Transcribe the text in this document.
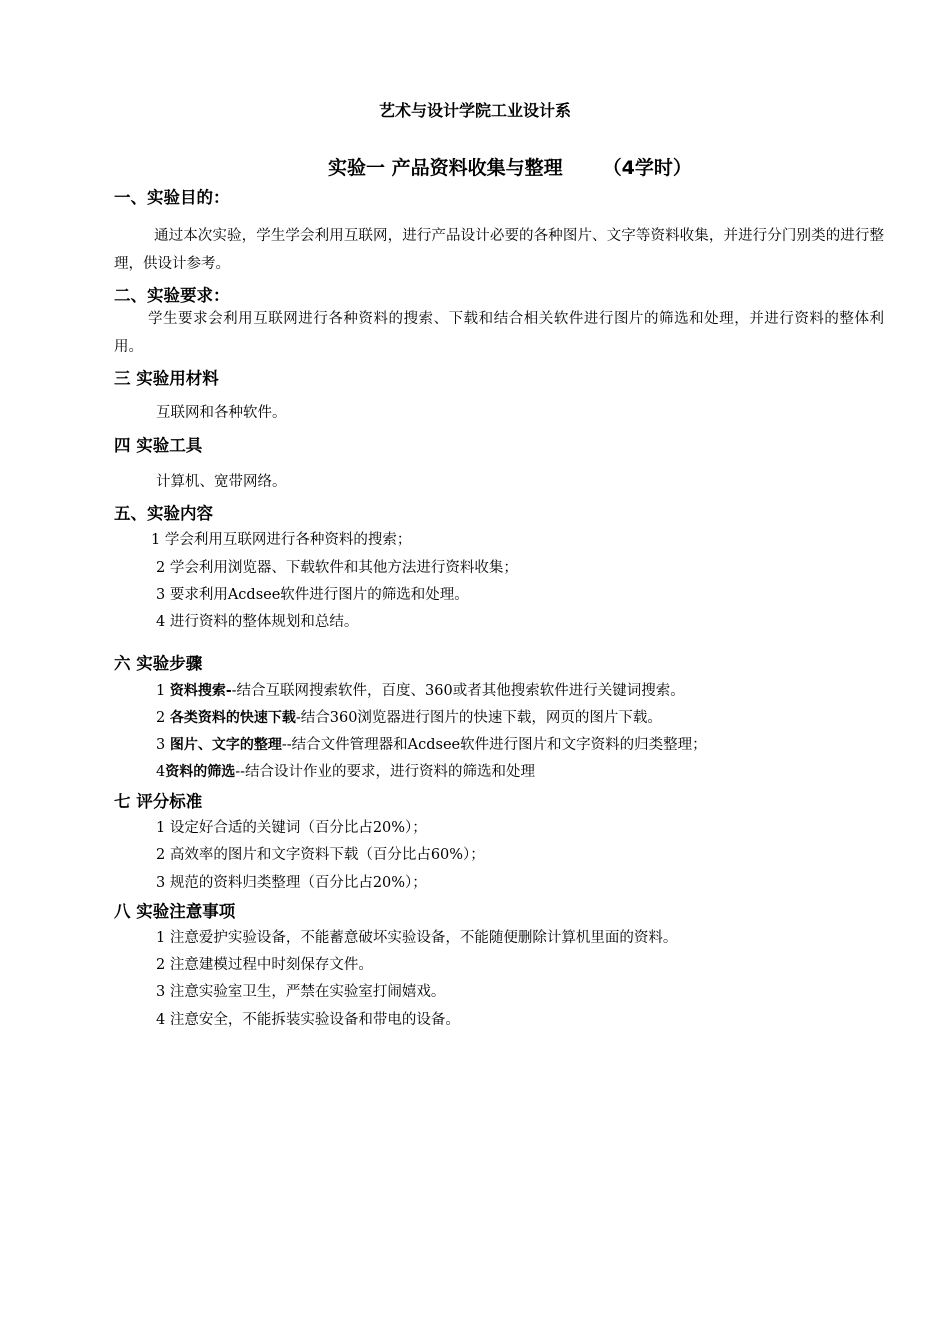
艺术与设计学院工业设计系
实验一 产品资料收集与整理 （4学时）
一、实验目的：
通过本次实验，学生学会利用互联网，进行产品设计必要的各种图片、文字等资料收集，并进行分门别类的进行整理，供设计参考。
二、实验要求：
学生要求会利用互联网进行各种资料的搜索、下载和结合相关软件进行图片的筛选和处理，并进行资料的整体利用。
三 实验用材料
互联网和各种软件。
四 实验工具
计算机、宽带网络。
五、实验内容
1 学会利用互联网进行各种资料的搜索；
2 学会利用浏览器、下载软件和其他方法进行资料收集；
3 要求利用Acdsee软件进行图片的筛选和处理。
4 进行资料的整体规划和总结。
六 实验步骤
1 资料搜索--结合互联网搜索软件，百度、360或者其他搜索软件进行关键词搜索。
2 各类资料的快速下载-结合360浏览器进行图片的快速下载，网页的图片下载。
3 图片、文字的整理--结合文件管理器和Acdsee软件进行图片和文字资料的归类整理；
4资料的筛选--结合设计作业的要求，进行资料的筛选和处理
七 评分标准
1 设定好合适的关键词（百分比占20%）；
2 高效率的图片和文字资料下载（百分比占60%）；
3 规范的资料归类整理（百分比占20%）；
八 实验注意事项
1 注意爱护实验设备，不能蓄意破坏实验设备，不能随便删除计算机里面的资料。
2 注意建模过程中时刻保存文件。
3 注意实验室卫生，严禁在实验室打闹嬉戏。
4 注意安全，不能拆装实验设备和带电的设备。
